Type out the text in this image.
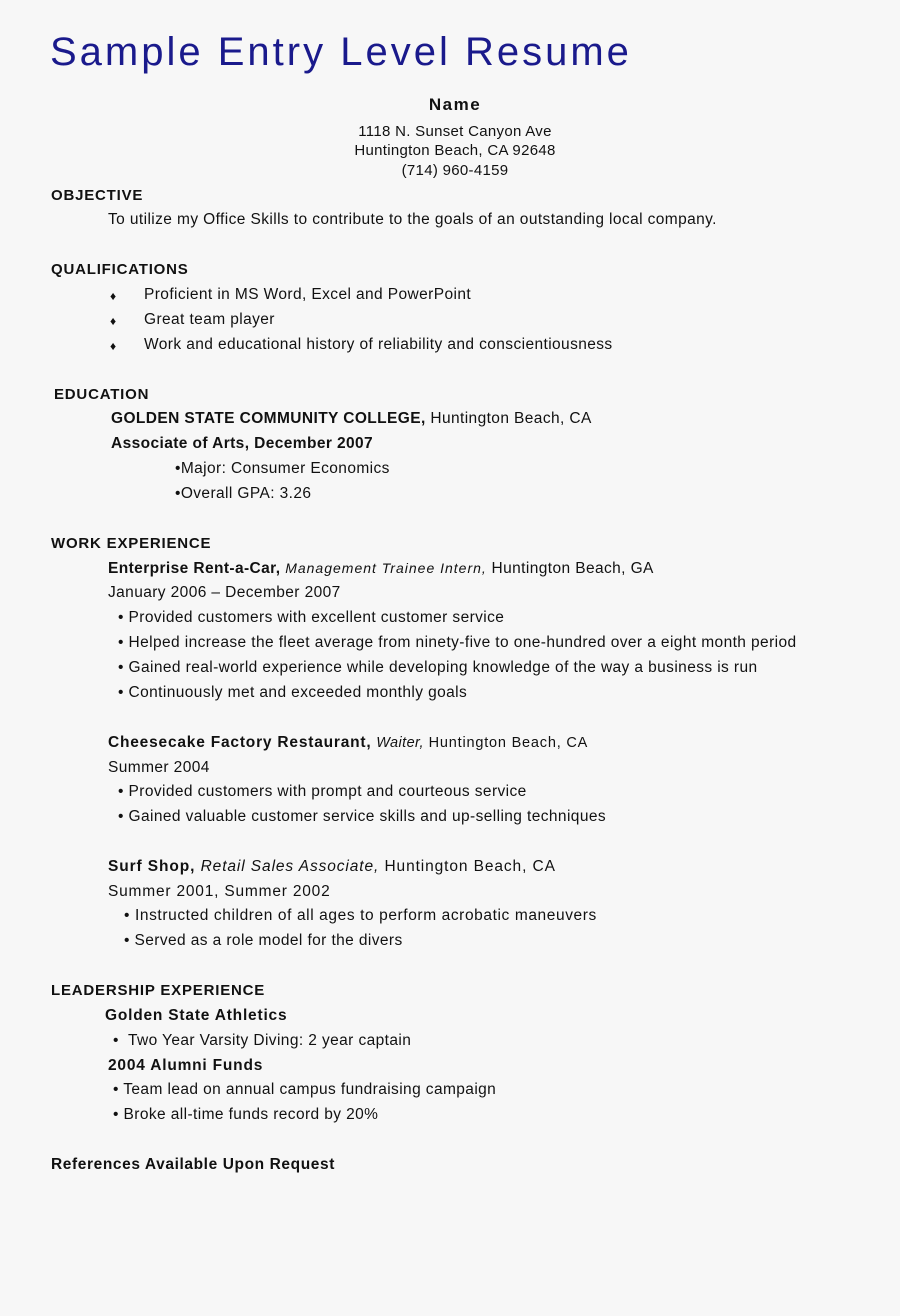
Sample Entry Level Resume
Name
1118 N. Sunset Canyon Ave
Huntington Beach, CA 92648
(714) 960-4159
OBJECTIVE
To utilize my Office Skills to contribute to the goals of an outstanding local company.
QUALIFICATIONS
♦ Proficient in MS Word, Excel and PowerPoint
♦ Great team player
♦ Work and educational history of reliability and conscientiousness
EDUCATION
GOLDEN STATE COMMUNITY COLLEGE, Huntington Beach, CA
Associate of Arts, December 2007
•Major: Consumer Economics
•Overall GPA: 3.26
WORK EXPERIENCE
Enterprise Rent-a-Car, Management Trainee Intern, Huntington Beach, GA
January 2006 – December 2007
• Provided customers with excellent customer service
• Helped increase the fleet average from ninety-five to one-hundred over a eight month period
• Gained real-world experience while developing knowledge of the way a business is run
• Continuously met and exceeded monthly goals
Cheesecake Factory Restaurant, Waiter, Huntington Beach, CA
Summer 2004
• Provided customers with prompt and courteous service
• Gained valuable customer service skills and up-selling techniques
Surf Shop, Retail Sales Associate, Huntington Beach, CA
Summer 2001, Summer 2002
• Instructed children of all ages to perform acrobatic maneuvers
• Served as a role model for the divers
LEADERSHIP EXPERIENCE
Golden State Athletics
• Two Year Varsity Diving: 2 year captain
2004 Alumni Funds
• Team lead on annual campus fundraising campaign
• Broke all-time funds record by 20%
References Available Upon Request
